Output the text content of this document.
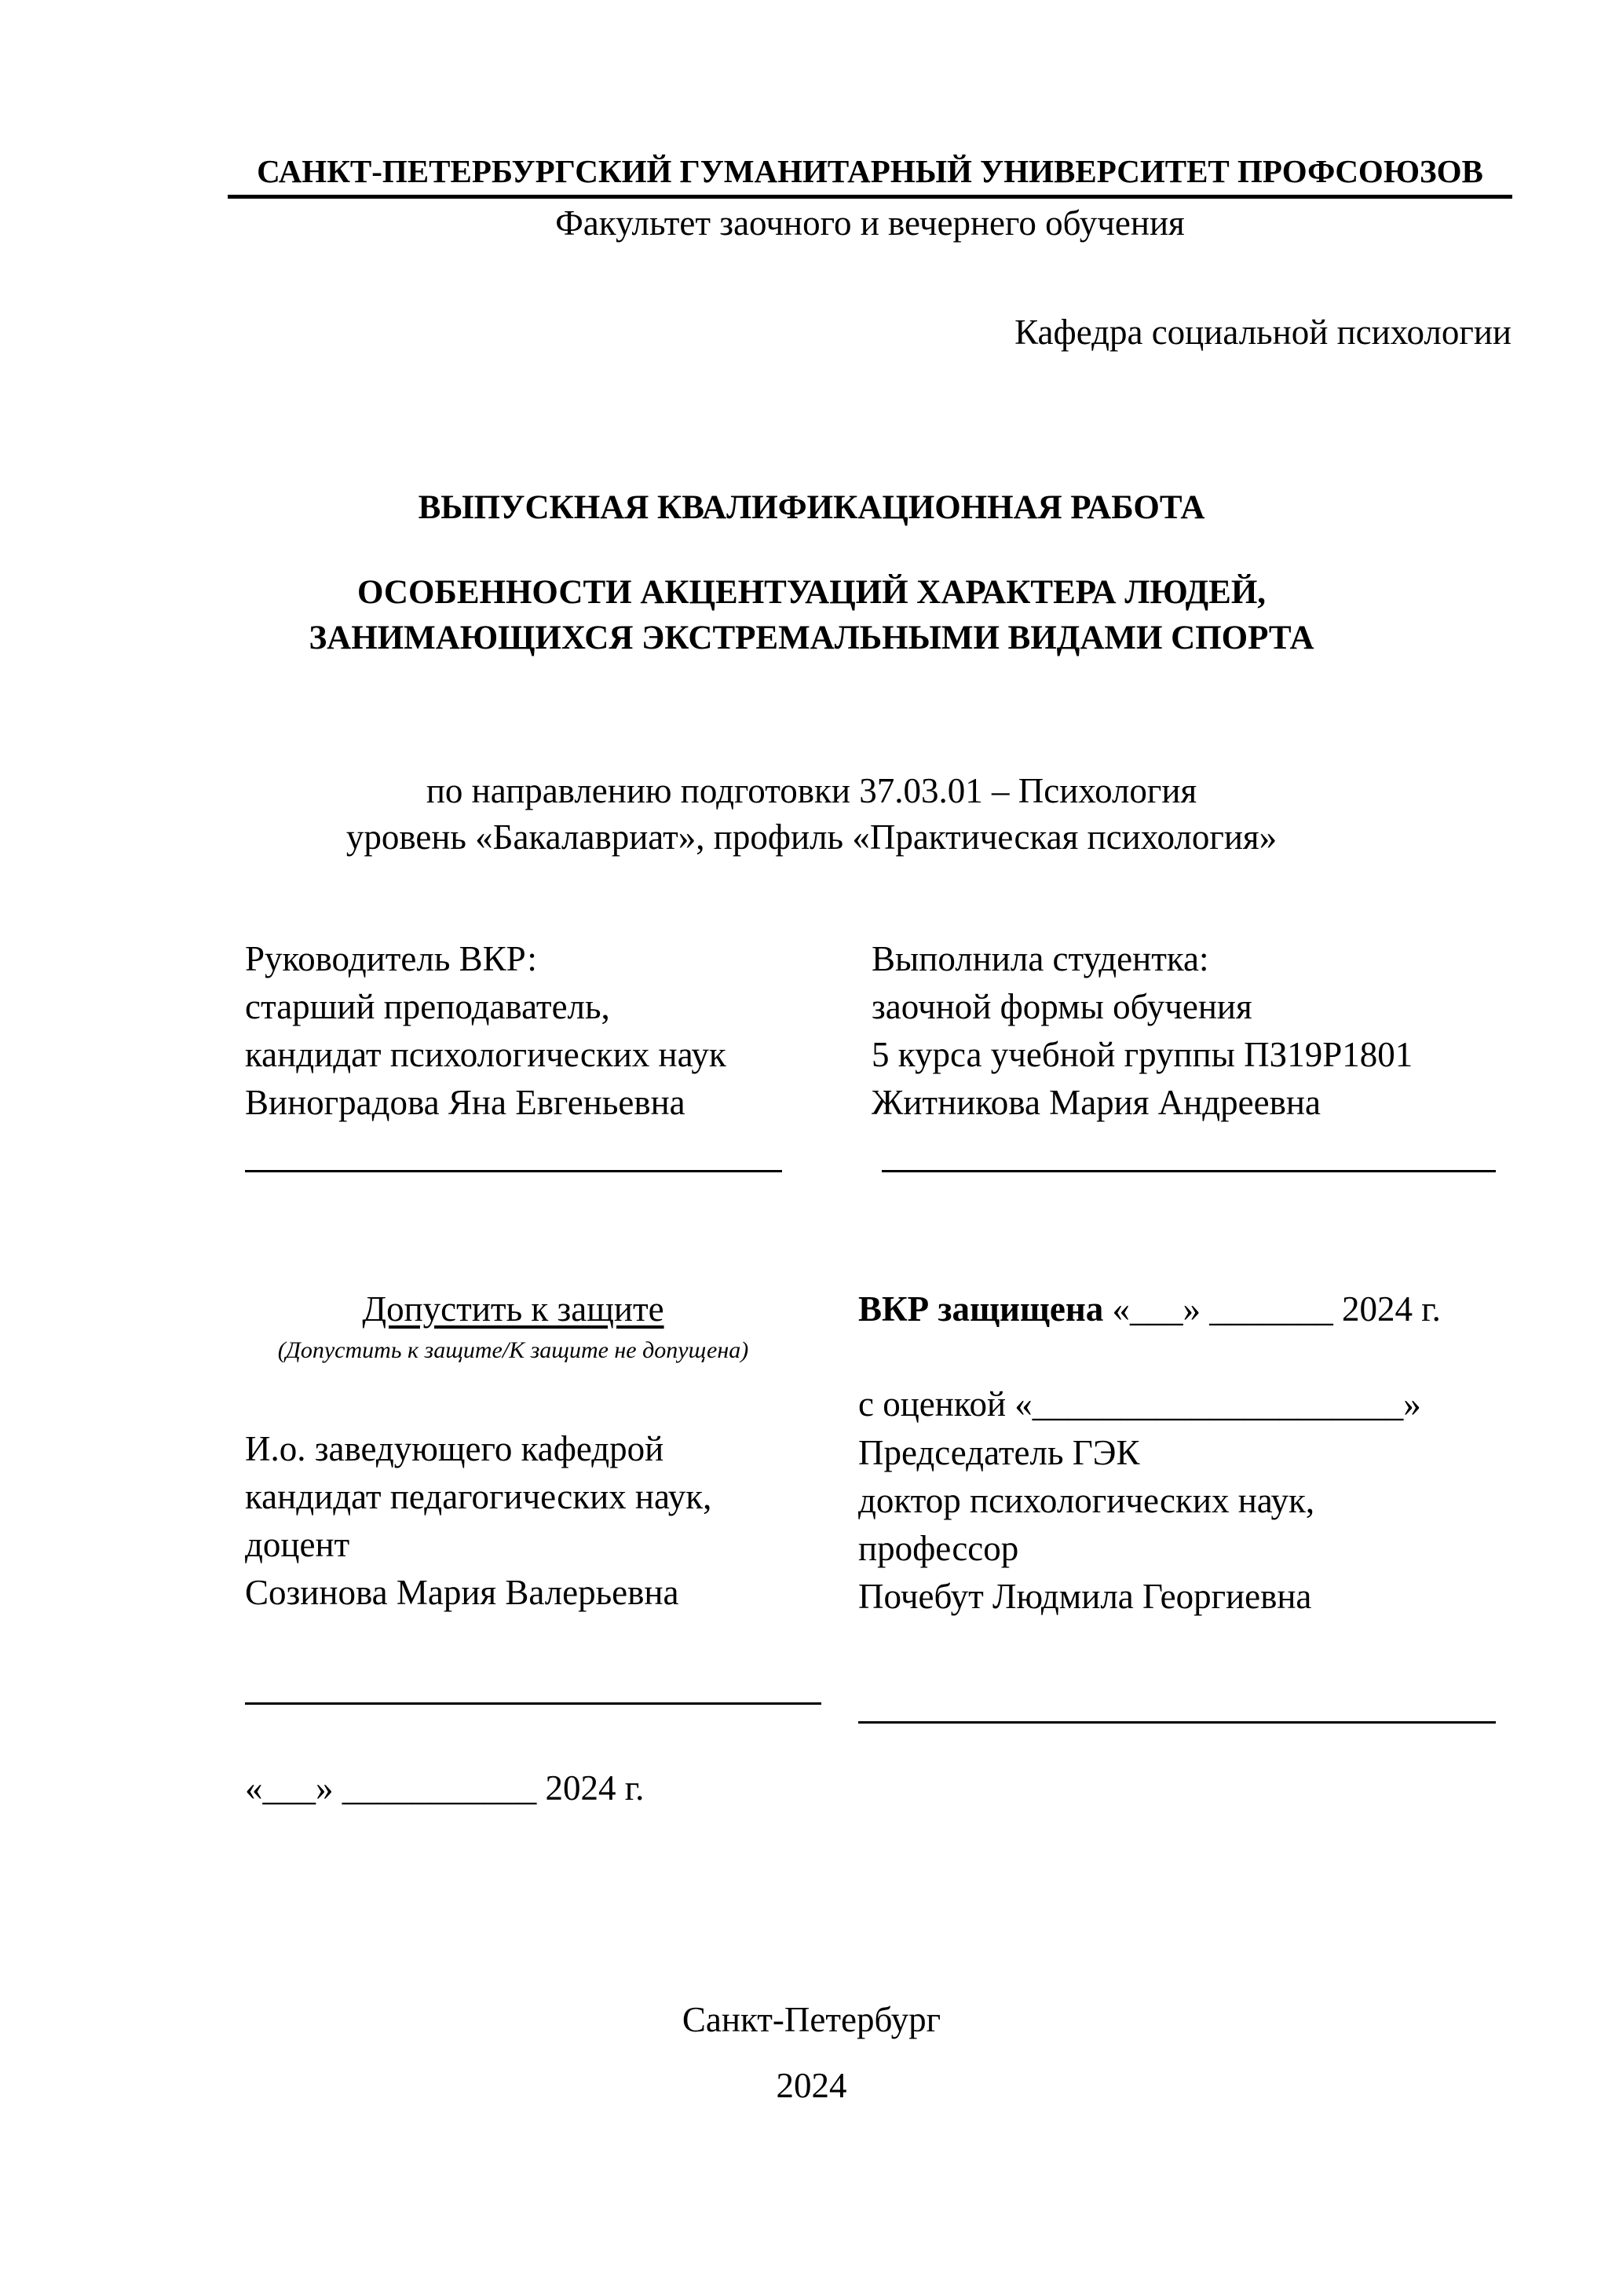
САНКТ-ПЕТЕРБУРГСКИЙ ГУМАНИТАРНЫЙ УНИВЕРСИТЕТ ПРОФСОЮЗОВ
Факультет заочного и вечернего обучения
Кафедра социальной психологии
ВЫПУСКНАЯ КВАЛИФИКАЦИОННАЯ РАБОТА
ОСОБЕННОСТИ АКЦЕНТУАЦИЙ ХАРАКТЕРА ЛЮДЕЙ,
ЗАНИМАЮЩИХСЯ ЭКСТРЕМАЛЬНЫМИ ВИДАМИ СПОРТА
по направлению подготовки 37.03.01 – Психология
уровень «Бакалавриат», профиль «Практическая психология»
Руководитель ВКР:
старший преподаватель,
кандидат психологических наук
Виноградова Яна Евгеньевна
Выполнила студентка:
заочной формы обучения
5 курса учебной группы ПЗ19Р1801
Житникова Мария Андреевна
Допустить к защите
(Допустить к защите/К защите не допущена)
ВКР защищена «___» _______ 2024 г.
с оценкой «_____________________»
И.о. заведующего кафедрой
кандидат педагогических наук,
доцент
Созинова Мария Валерьевна
Председатель ГЭК
доктор психологических наук,
профессор
Почебут Людмила Георгиевна
«___» ___________ 2024 г.
Санкт-Петербург
2024
